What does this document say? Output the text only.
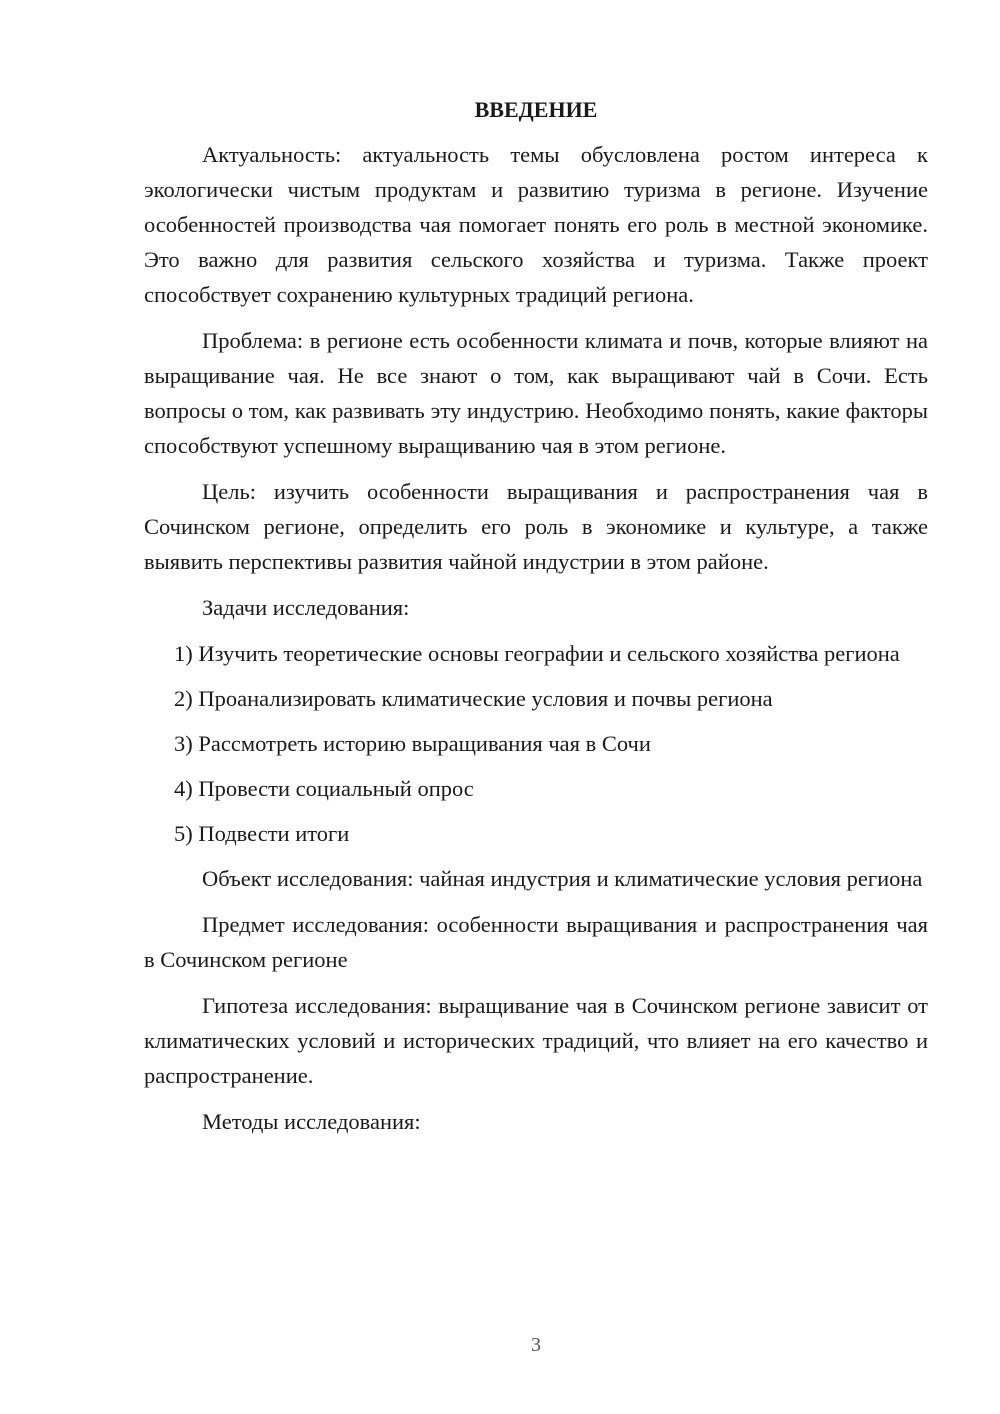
ВВЕДЕНИЕ

Актуальность: актуальность темы обусловлена ростом интереса к экологически чистым продуктам и развитию туризма в регионе. Изучение особенностей производства чая помогает понять его роль в местной экономике. Это важно для развития сельского хозяйства и туризма. Также проект способствует сохранению культурных традиций региона.

Проблема: в регионе есть особенности климата и почв, которые влияют на выращивание чая. Не все знают о том, как выращивают чай в Сочи. Есть вопросы о том, как развивать эту индустрию. Необходимо понять, какие факторы способствуют успешному выращиванию чая в этом регионе.

Цель: изучить особенности выращивания и распространения чая в Сочинском регионе, определить его роль в экономике и культуре, а также выявить перспективы развития чайной индустрии в этом районе.

Задачи исследования:

1) Изучить теоретические основы географии и сельского хозяйства региона

2) Проанализировать климатические условия и почвы региона

3) Рассмотреть историю выращивания чая в Сочи

4) Провести социальный опрос

5) Подвести итоги

Объект исследования: чайная индустрия и климатические условия региона

Предмет исследования: особенности выращивания и распространения чая в Сочинском регионе

Гипотеза исследования: выращивание чая в Сочинском регионе зависит от климатических условий и исторических традиций, что влияет на его качество и распространение.

Методы исследования:

3
